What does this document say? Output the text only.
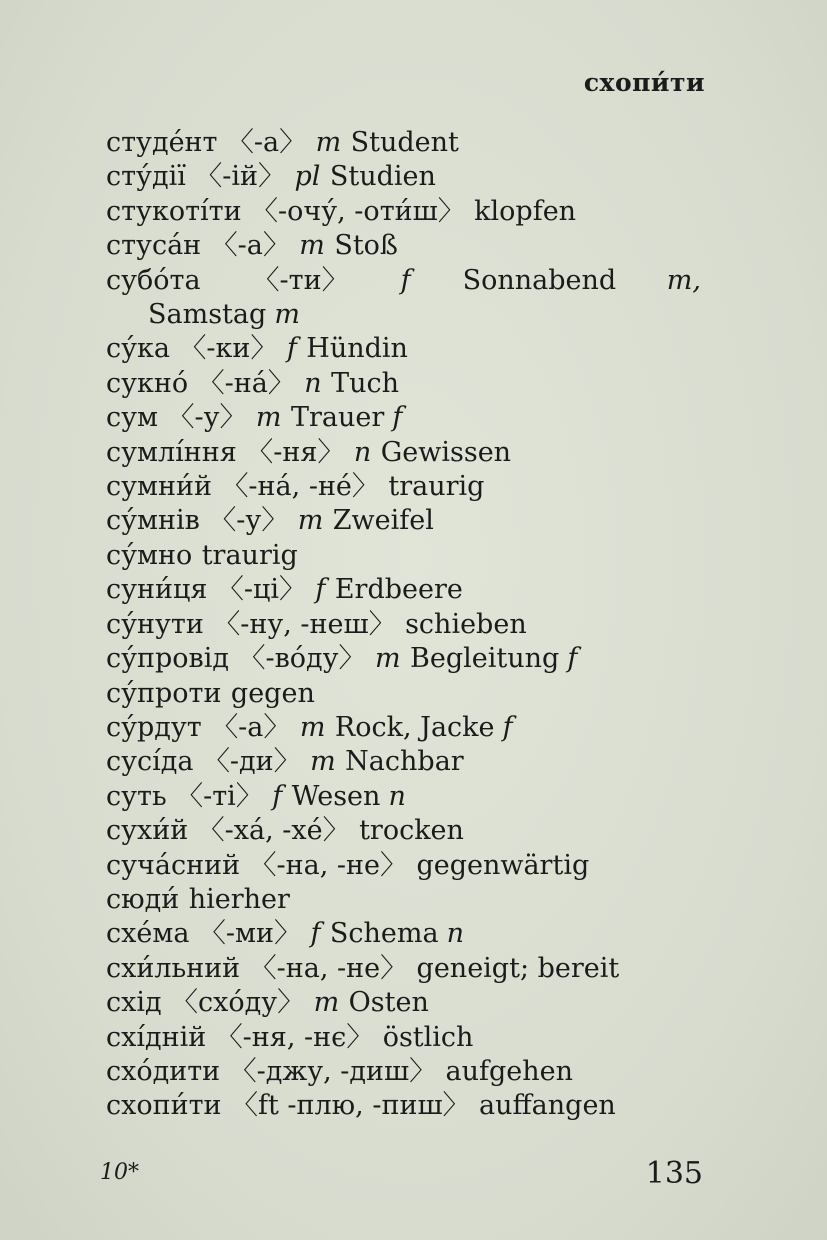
схопи́ти
студе́нт 〈-а〉 m Student
сту́дії 〈-ій〉 pl Studien
стукоті́ти 〈-очу́, -оти́ш〉 klopfen
стуса́н 〈-а〉 m Stoß
субо́та 〈-ти〉 f Sonnabend m,
Samstag m
су́ка 〈-ки〉 f Hündin
сукно́ 〈-на́〉 n Tuch
сум 〈-у〉 m Trauer f
сумлі́ння 〈-ня〉 n Gewissen
сумни́й 〈-на́, -не́〉 traurig
су́мнів 〈-у〉 m Zweifel
су́мно traurig
суни́ця 〈-ці〉 f Erdbeere
су́нути 〈-ну, -неш〉 schieben
су́провід 〈-во́ду〉 m Begleitung f
су́проти gegen
су́рдут 〈-а〉 m Rock, Jacke f
сусі́да 〈-ди〉 m Nachbar
суть 〈-ті〉 f Wesen n
сухи́й 〈-ха́, -хе́〉 trocken
суча́сний 〈-на, -не〉 gegenwärtig
сюди́ hierher
схе́ма 〈-ми〉 f Schema n
схи́льний 〈-на, -не〉 geneigt; bereit
схід 〈схо́ду〉 m Osten
схі́дній 〈-ня, -нє〉 östlich
схо́дити 〈-джу, -диш〉 aufgehen
схопи́ти 〈ft -плю, -пиш〉 auffangen
10*	135
